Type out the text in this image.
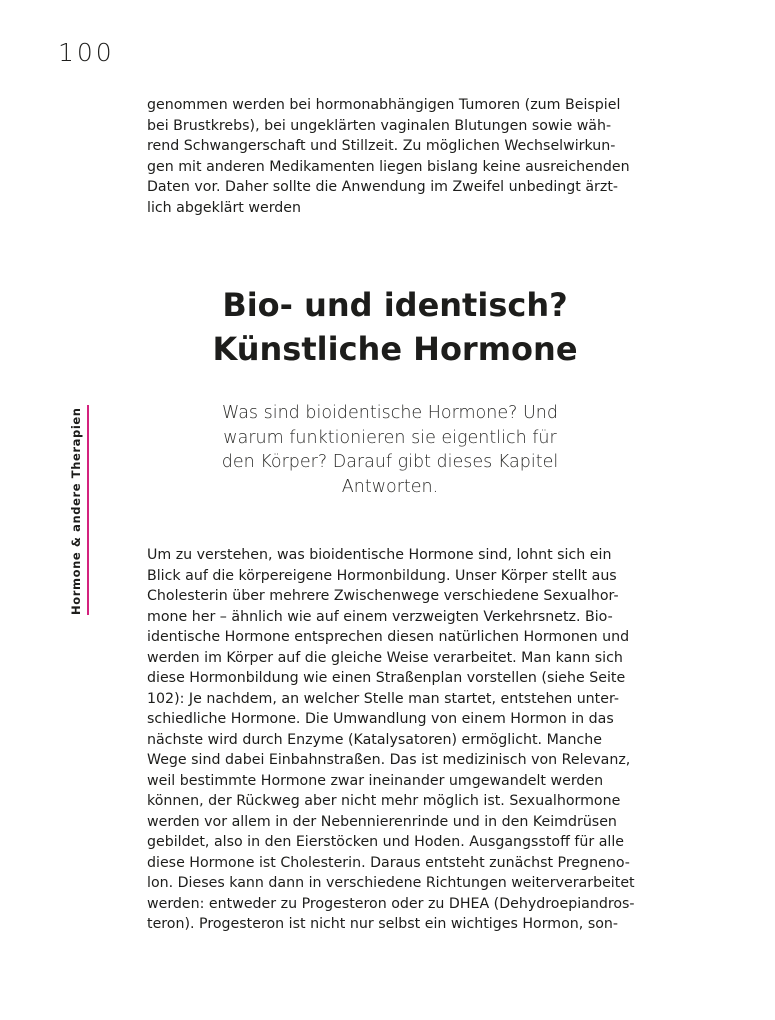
100
genommen werden bei hormonabhängigen Tumoren (zum Beispiel
bei Brustkrebs), bei ungeklärten vaginalen Blutungen sowie wäh-
rend Schwangerschaft und Stillzeit. Zu möglichen Wechselwirkun-
gen mit anderen Medikamenten liegen bislang keine ausreichenden
Daten vor. Daher sollte die Anwendung im Zweifel unbedingt ärzt-
lich abgeklärt werden
Bio- und identisch?
Künstliche Hormone
Was sind bioidentische Hormone? Und
warum funktionieren sie eigentlich für
den Körper? Darauf gibt dieses Kapitel
Antworten.
Hormone & andere Therapien	Um zu verstehen, was bioidentische Hormone sind, lohnt sich ein
Blick auf die körpereigene Hormonbildung. Unser Körper stellt aus
Cholesterin über mehrere Zwischenwege verschiedene Sexualhor-
mone her – ähnlich wie auf einem verzweigten Verkehrsnetz. Bio-
identische Hormone entsprechen diesen natürlichen Hormonen und
werden im Körper auf die gleiche Weise verarbeitet. Man kann sich
diese Hormonbildung wie einen Straßenplan vorstellen (siehe Seite
102): Je nachdem, an welcher Stelle man startet, entstehen unter-
schiedliche Hormone. Die Umwandlung von einem Hormon in das
nächste wird durch Enzyme (Katalysatoren) ermöglicht. Manche
Wege sind dabei Einbahnstraßen. Das ist medizinisch von Relevanz,
weil bestimmte Hormone zwar ineinander umgewandelt werden
können, der Rückweg aber nicht mehr möglich ist. Sexualhormone
werden vor allem in der Nebennierenrinde und in den Keimdrüsen
gebildet, also in den Eierstöcken und Hoden. Ausgangsstoff für alle
diese Hormone ist Cholesterin. Daraus entsteht zunächst Pregneno-
lon. Dieses kann dann in verschiedene Richtungen weiterverarbeitet
werden: entweder zu Progesteron oder zu DHEA (Dehydroepiandros-
teron). Progesteron ist nicht nur selbst ein wichtiges Hormon, son-
